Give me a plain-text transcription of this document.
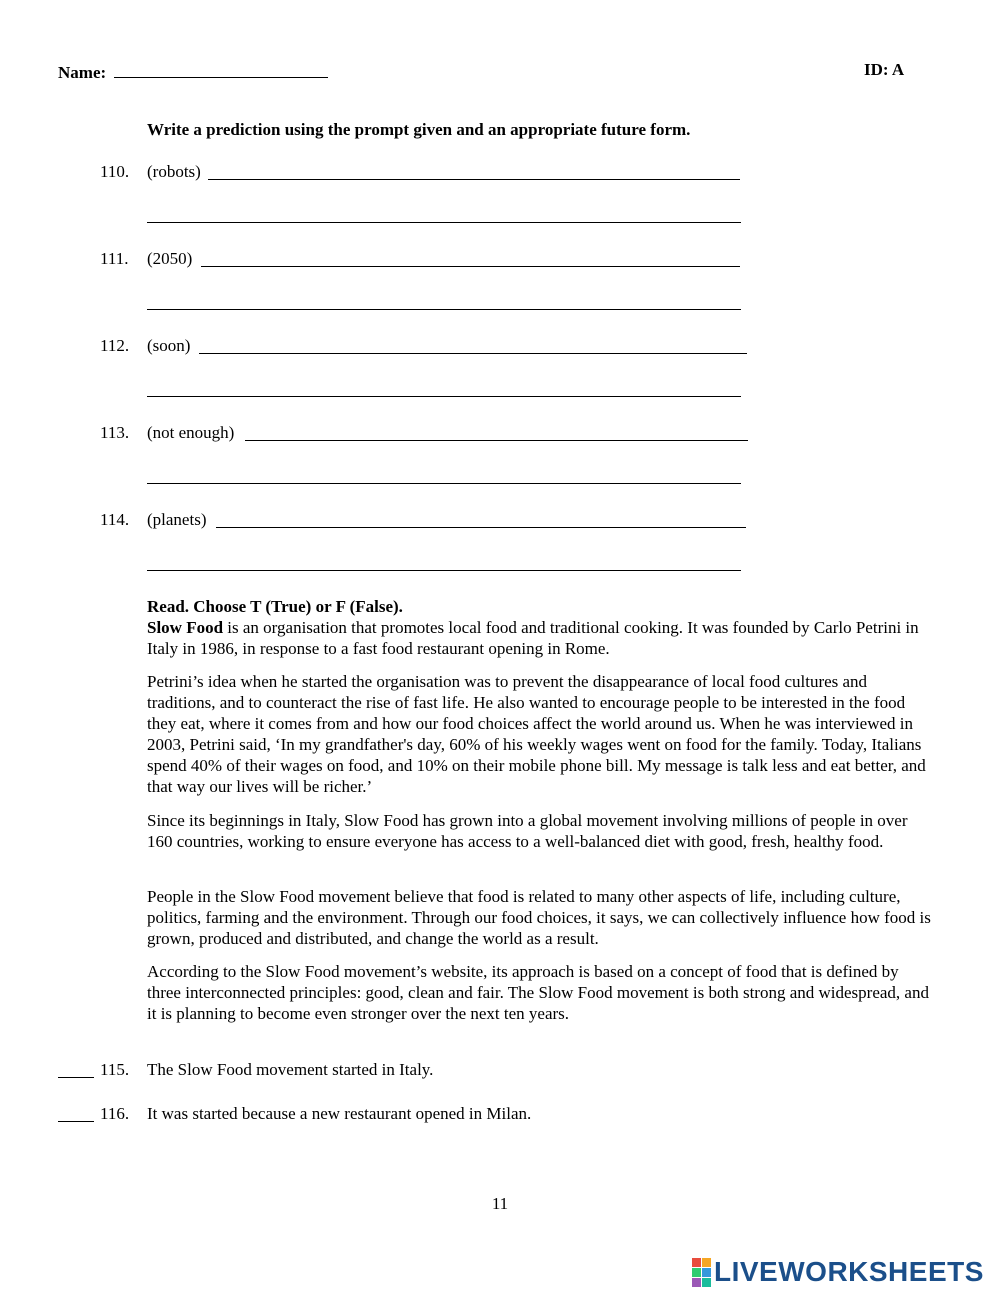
Name:	ID: A
Write a prediction using the prompt given and an appropriate future form.
110. (robots)
111. (2050)
112. (soon)
113. (not enough)
114. (planets)
Read. Choose T (True) or F (False).

Slow Food is an organisation that promotes local food and traditional cooking. It was founded by Carlo Petrini in Italy in 1986, in response to a fast food restaurant opening in Rome.

Petrini’s idea when he started the organisation was to prevent the disappearance of local food cultures and traditions, and to counteract the rise of fast life. He also wanted to encourage people to be interested in the food they eat, where it comes from and how our food choices affect the world around us. When he was interviewed in 2003, Petrini said, ‘In my grandfather's day, 60% of his weekly wages went on food for the family. Today, Italians spend 40% of their wages on food, and 10% on their mobile phone bill. My message is talk less and eat better, and that way our lives will be richer.’

Since its beginnings in Italy, Slow Food has grown into a global movement involving millions of people in over 160 countries, working to ensure everyone has access to a well-balanced diet with good, fresh, healthy food.

People in the Slow Food movement believe that food is related to many other aspects of life, including culture, politics, farming and the environment. Through our food choices, it says, we can collectively influence how food is grown, produced and distributed, and change the world as a result.

According to the Slow Food movement’s website, its approach is based on a concept of food that is defined by three interconnected principles: good, clean and fair. The Slow Food movement is both strong and widespread, and it is planning to become even stronger over the next ten years.

115. The Slow Food movement started in Italy.
116. It was started because a new restaurant opened in Milan.
11
LIVEWORKSHEETS
